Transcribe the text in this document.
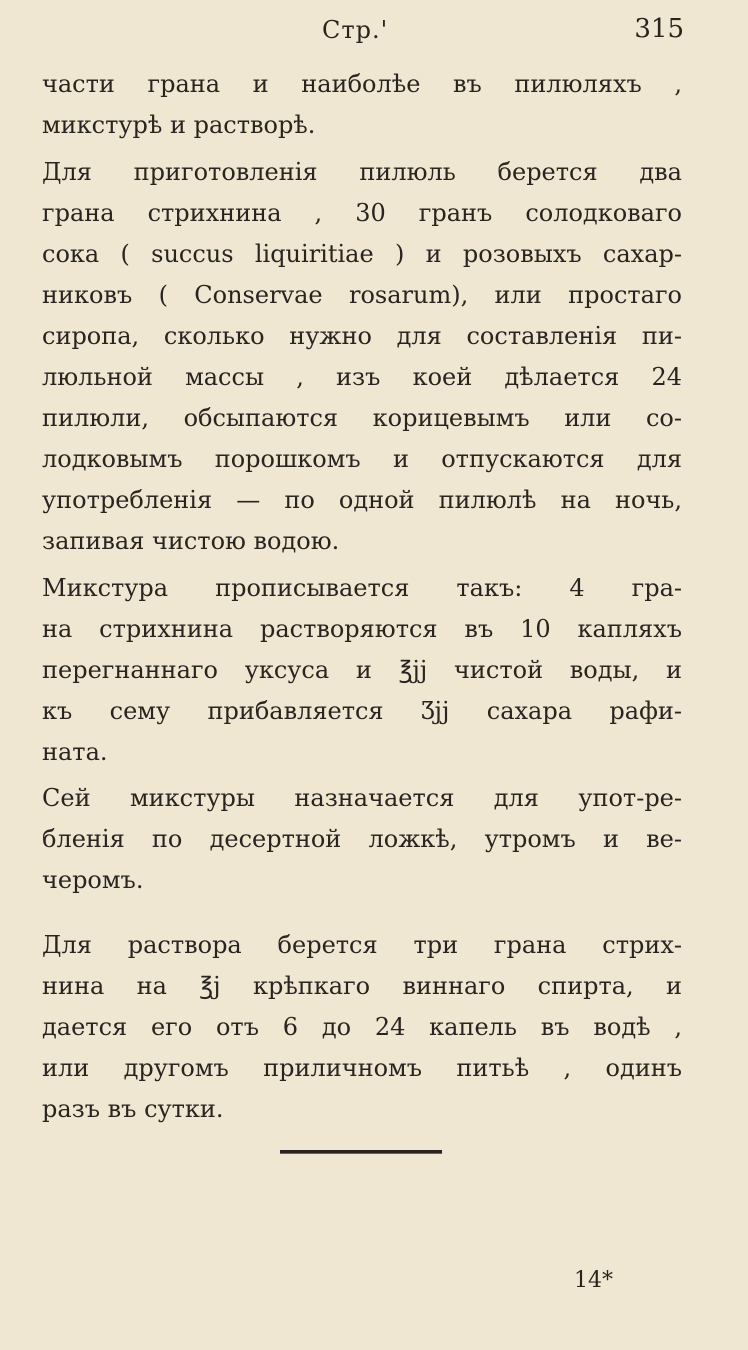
Стр.'	315
части грана и наиболѣе въ пилюляхъ ,
микстурѣ и растворѣ.
Для приготовленія пилюль берется два
грана стрихнина , 30 гранъ солодковаго
сока ( succus liquiritiae ) и розовыхъ сахар-
никовъ ( Conservae rosarum), или простаго
сиропа, сколько нужно для составленія пи-
люльной массы , изъ коей дѣлается 24
пилюли, обсыпаются корицевымъ или со-
лодковымъ порошкомъ и отпускаются для
употребленія — по одной пилюлѣ на ночь,
запивая чистою водою.
Микстура прописывается такъ: 4 гра-
на стрихнина растворяются въ 10 капляхъ
перегнаннаго уксуса и ℥jj чистой воды, и
къ сему прибавляется Ʒjj сахара рафи-
ната.
Сей микстуры назначается для упот-ре-
бленія по десертной ложкѣ, утромъ и ве-
черомъ.
Для раствора берется три грана стрих-
нина на ℥j крѣпкаго виннаго спирта, и
дается его отъ 6 до 24 капель въ водѣ ,
или другомъ приличномъ питьѣ , одинъ
разъ въ сутки.
14*
